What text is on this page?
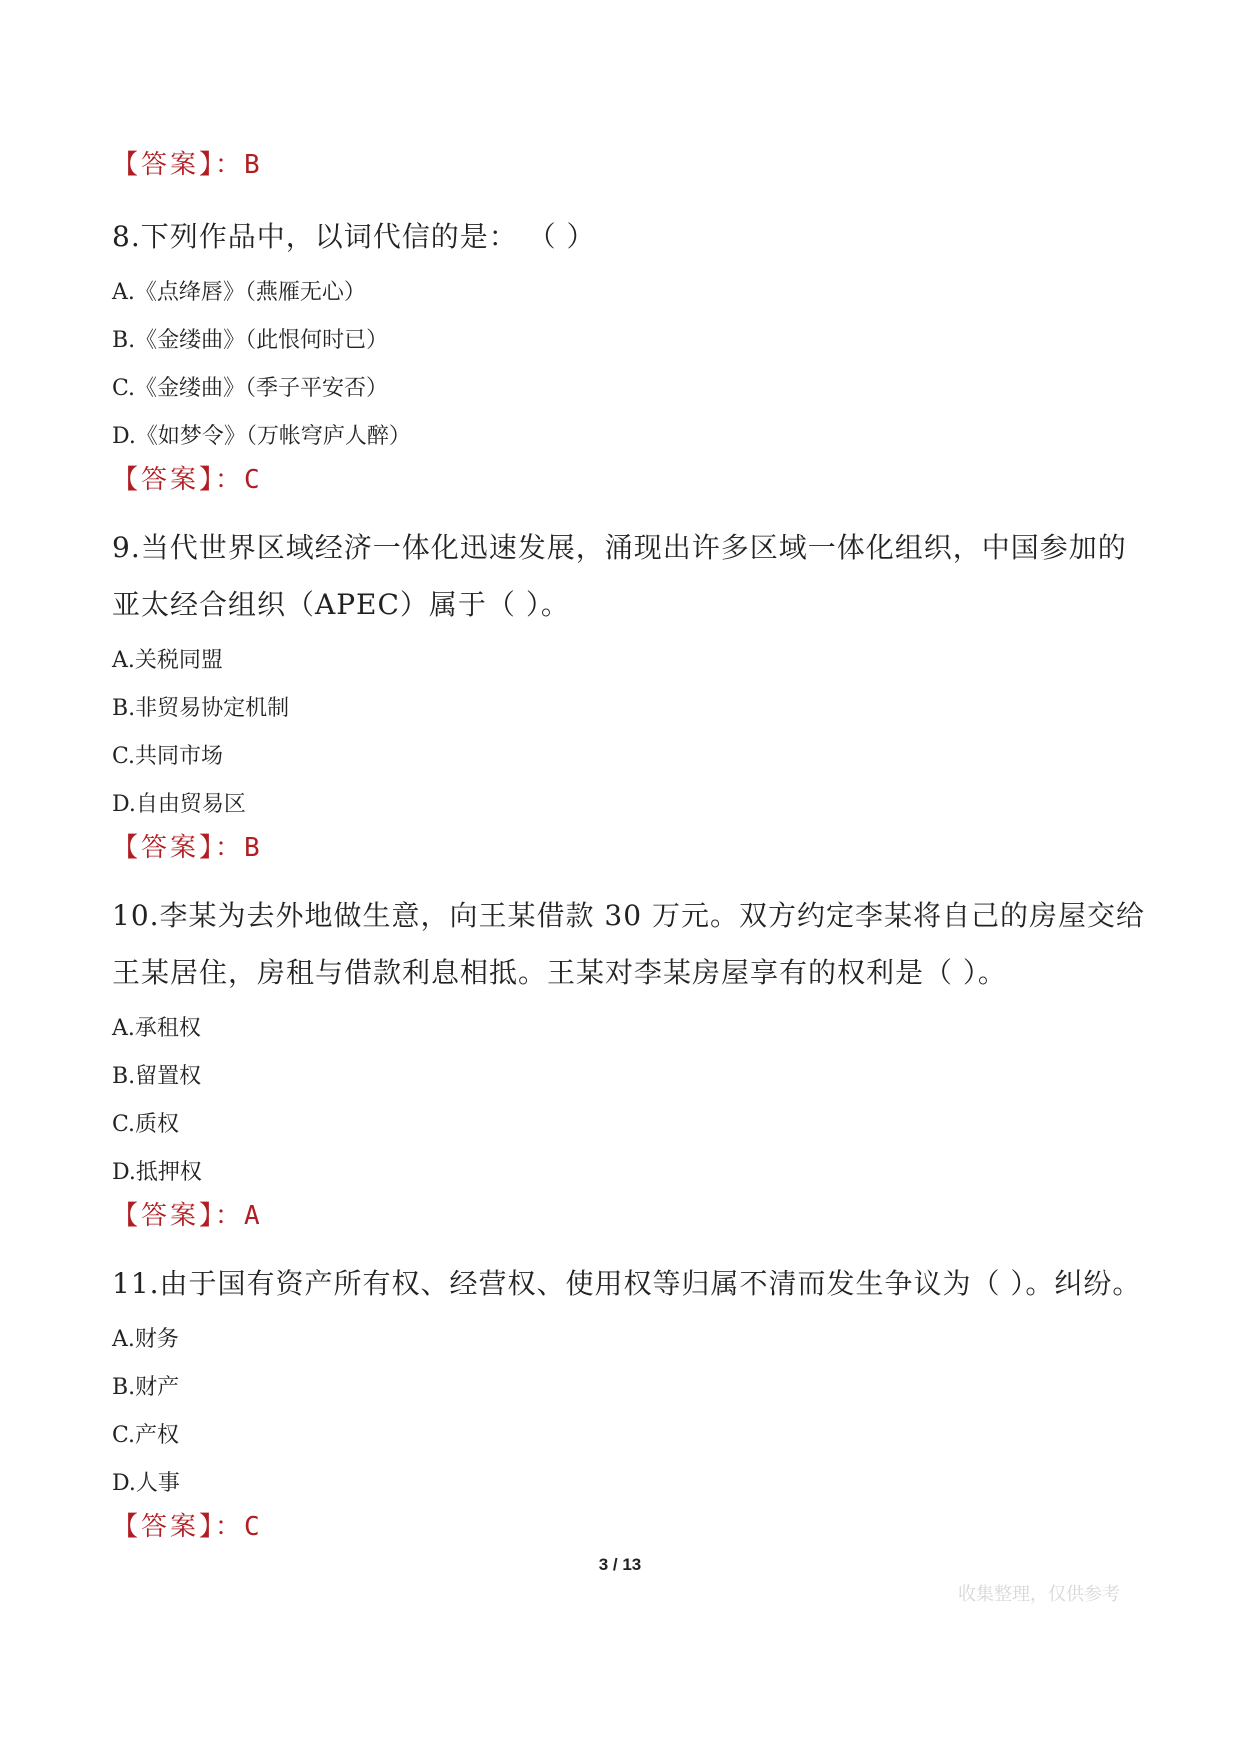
【答案】：B
8.下列作品中，以词代信的是： （ ）
A.《点绛唇》（燕雁无心）
B.《金缕曲》（此恨何时已）
C.《金缕曲》（季子平安否）
D.《如梦令》（万帐穹庐人醉）
【答案】：C
9.当代世界区域经济一体化迅速发展，涌现出许多区域一体化组织，中国参加的亚太经合组织（APEC）属于（ ）。
A.关税同盟
B.非贸易协定机制
C.共同市场
D.自由贸易区
【答案】：B
10.李某为去外地做生意，向王某借款 30 万元。双方约定李某将自己的房屋交给王某居住，房租与借款利息相抵。王某对李某房屋享有的权利是（ ）。
A.承租权
B.留置权
C.质权
D.抵押权
【答案】：A
11.由于国有资产所有权、经营权、使用权等归属不清而发生争议为（ ）。纠纷。
A.财务
B.财产
C.产权
D.人事
【答案】：C
3 / 13
收集整理，仅供参考
